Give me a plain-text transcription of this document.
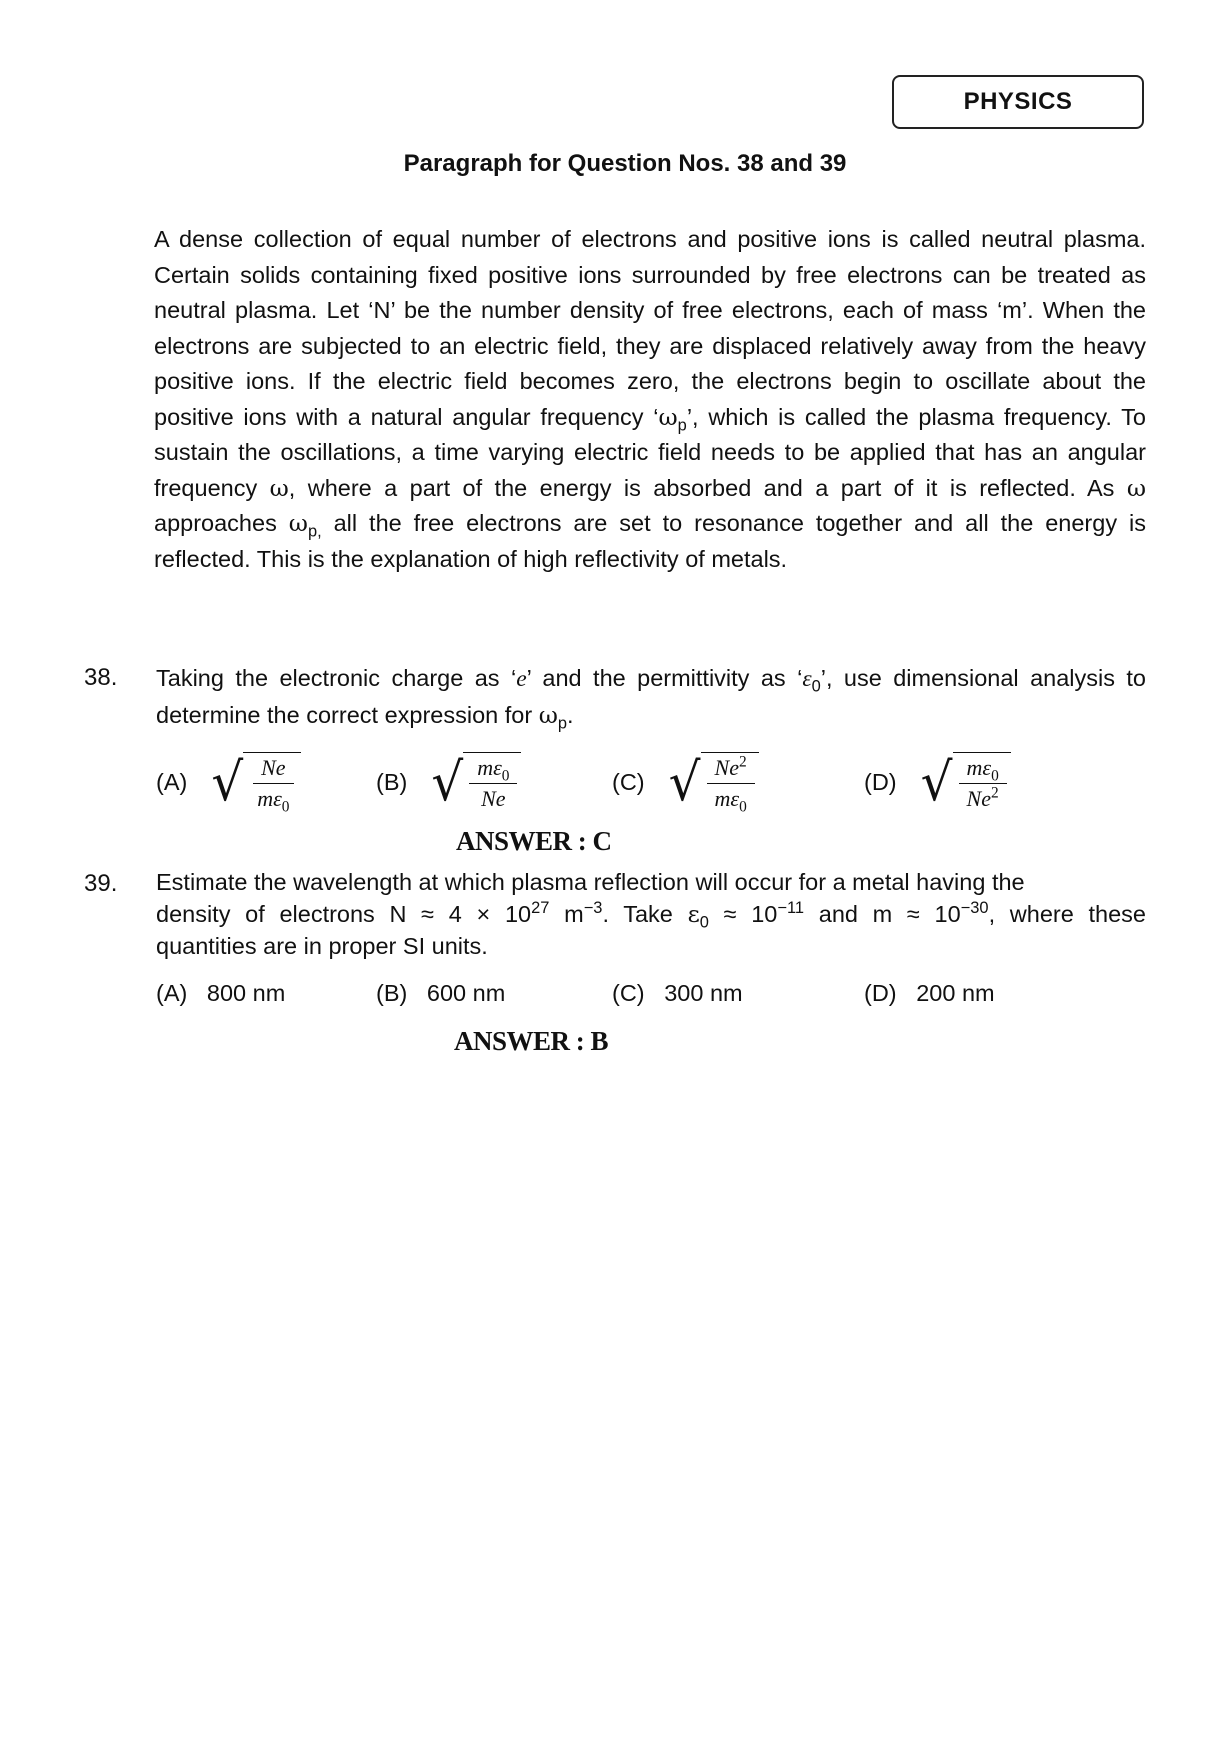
PHYSICS
Paragraph for Question Nos. 38 and 39

A dense collection of equal number of electrons and positive ions is called neutral plasma. Certain solids containing fixed positive ions surrounded by free electrons can be treated as neutral plasma. Let ‘N’ be the number density of free electrons, each of mass ‘m’. When the electrons are subjected to an electric field, they are displaced relatively away from the heavy positive ions. If the electric field becomes zero, the electrons begin to oscillate about the positive ions with a natural angular frequency ‘$\omega_p$’, which is called the plasma frequency. To sustain the oscillations, a time varying electric field needs to be applied that has an angular frequency ω, where a part of the energy is absorbed and a part of it is reflected. As ω approaches $\omega_{p,}$ all the free electrons are set to resonance together and all the energy is reflected. This is the explanation of high reflectivity of metals.

38. Taking the electronic charge as ‘e’ and the permittivity as ‘$\varepsilon_0$’, use dimensional analysis to determine the correct expression for $\omega_p$.
(A) √ $\frac{Ne}{m\varepsilon_0}$	(B) √ $\frac{m\varepsilon_0}{Ne}$	(C) √ $\frac{Ne^2}{m\varepsilon_0}$	(D) √ $\frac{m\varepsilon_0}{Ne^2}$
ANSWER : C
39. Estimate the wavelength at which plasma reflection will occur for a metal having the
density of electrons $N \approx 4 \times 10^{27}$ $m^{-3}$. Take $\varepsilon_0 \approx 10^{-11}$ and $m \approx 10^{-30}$, where these
quantities are in proper SI units.
(A) 800 nm	(B) 600 nm	(C) 300 nm	(D) 200 nm
ANSWER : B
